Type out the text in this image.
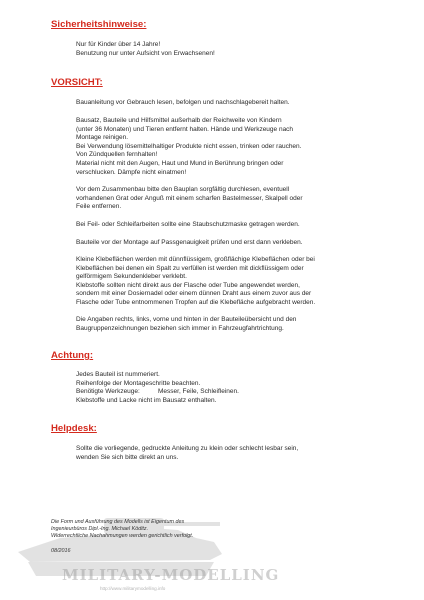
Sicherheitshinweise:
Nur für Kinder über 14 Jahre!
Benutzung nur unter Aufsicht von Erwachsenen!
VORSICHT:
Bauanleitung vor Gebrauch lesen, befolgen und nachschlagebereit halten.
Bausatz, Bauteile und Hilfsmittel außerhalb der Reichweite von Kindern
(unter 36 Monaten) und Tieren entfernt halten. Hände und Werkzeuge nach
Montage reinigen.
Bei Verwendung lösemittelhaltiger Produkte nicht essen, trinken oder rauchen.
Von Zündquellen fernhalten!
Material nicht mit den Augen, Haut und Mund in Berührung bringen oder
verschlucken. Dämpfe nicht einatmen!
Vor dem Zusammenbau bitte den Bauplan sorgfältig durchlesen, eventuell
vorhandenen Grat oder Anguß mit einem scharfen Bastelmesser, Skalpell oder
Feile entfernen.
Bei Feil- oder Schleifarbeiten sollte eine Staubschutzmaske getragen werden.
Bauteile vor der Montage auf Passgenauigkeit prüfen und erst dann verkleben.
Kleine Klebeflächen werden mit dünnflüssigem, großflächige Klebeflächen oder bei
Klebeflächen bei denen ein Spalt zu verfüllen ist werden mit dickflüssigem oder
gelförmigem Sekundenkleber verklebt.
Klebstoffe sollten nicht direkt aus der Flasche oder Tube angewendet werden,
sondern mit einer Dosiernadel oder einem dünnen Draht aus einem zuvor aus der
Flasche oder Tube entnommenen Tropfen auf die Klebefläche aufgebracht werden.
Die Angaben rechts, links, vorne und hinten in der Bauteileübersicht und den
Baugruppenzeichnungen beziehen sich immer in Fahrzeugfahrtrichtung.
Achtung:
Jedes Bauteil ist nummeriert.
Reihenfolge der Montageschritte beachten.
Benötigte Werkzeuge:	Messer, Feile, Schleifleinen.
Klebstoffe und Lacke nicht im Bausatz enthalten.
Helpdesk:
Sollte die vorliegende, gedruckte Anleitung zu klein oder schlecht lesbar sein,
wenden Sie sich bitte direkt an uns.
Die Form und Ausführung des Modells ist Eigentum des
Ingenieurbüros Dipl.-Ing. Michael Köditz.
Widerrechtliche Nachahmungen werden gerichtlich verfolgt.
08/2016
MILITARY-MODELLING
http://www.militarymodelling.info
